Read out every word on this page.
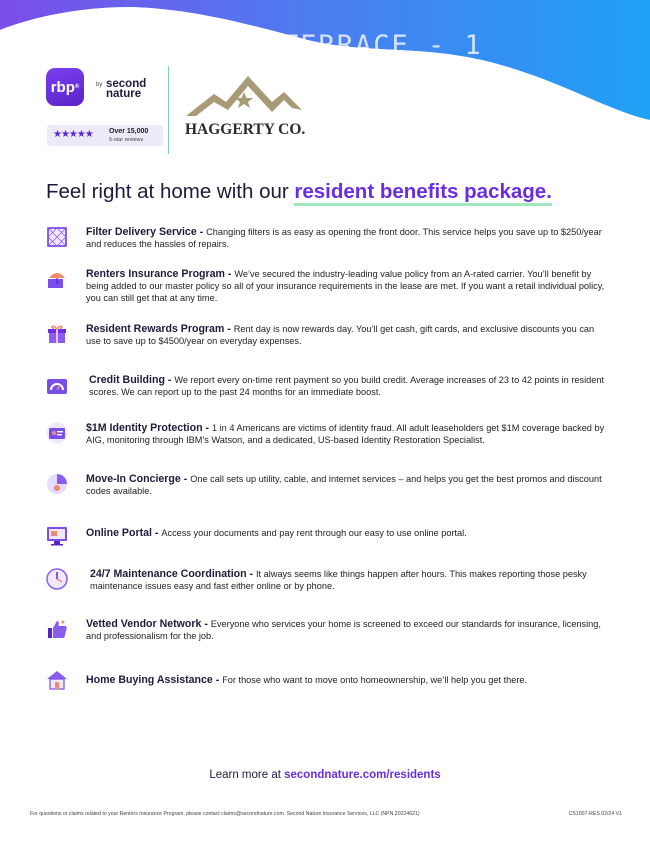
TERRACE - 1
rbp ®	by second nature
★★★★★ Over 15,000
5-star reviews
HAGGERTY CO.
Feel right at home with our resident benefits package.
Filter Delivery Service - Changing filters is as easy as opening the front door. This service helps you save up to $250/year and reduces the hassles of repairs.
Renters Insurance Program - We’ve secured the industry-leading value policy from an A-rated carrier. You’ll benefit by being added to our master policy so all of your insurance requirements in the lease are met. If you want a retail individual policy, you can still get that at any time.
Resident Rewards Program - Rent day is now rewards day. You’ll get cash, gift cards, and exclusive discounts you can use to save up to $4500/year on everyday expenses.
Credit Building - We report every on-time rent payment so you build credit. Average increases of 23 to 42 points in resident scores. We can report up to the past 24 months for an immediate boost.
$1M Identity Protection - 1 in 4 Americans are victims of identity fraud. All adult leaseholders get $1M coverage backed by AIG, monitoring through IBM’s Watson, and a dedicated, US-based Identity Restoration Specialist.
Move-In Concierge - One call sets up utility, cable, and internet services – and helps you get the best promos and discount codes available.
Online Portal - Access your documents and pay rent through our easy to use online portal.
24/7 Maintenance Coordination - It always seems like things happen after hours. This makes reporting those pesky maintenance issues easy and fast either online or by phone.
Vetted Vendor Network - Everyone who services your home is screened to exceed our standards for insurance, licensing, and professionalism for the job.
Home Buying Assistance - For those who want to move onto homeownership, we’ll help you get there.
Learn more at secondnature.com/residents
For questions or claims related to your Renters Insurance Program, please contact claims@secondnature.com. Second Nature Insurance Services, LLC (NPN 20224621)	CS1007-RES 02/24 V1
